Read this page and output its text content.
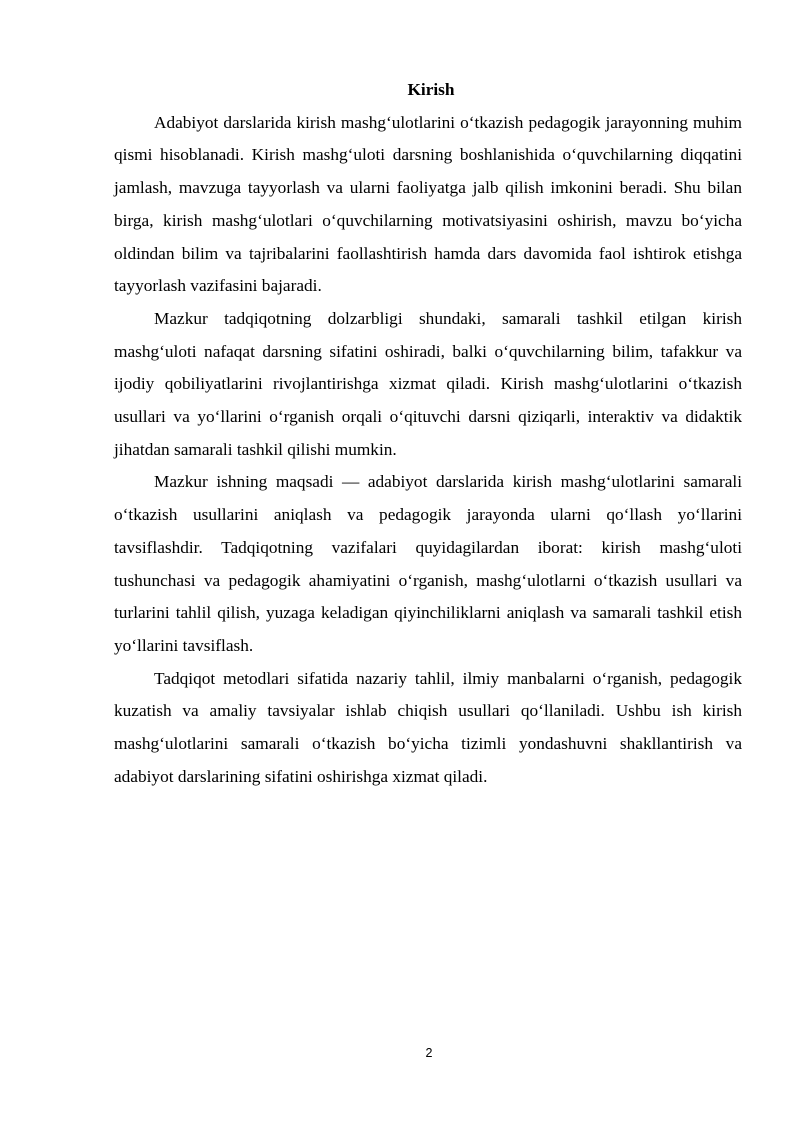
Kirish

Adabiyot darslarida kirish mashg‘ulotlarini o‘tkazish pedagogik jarayonning muhim qismi hisoblanadi. Kirish mashg‘uloti darsning boshlanishida o‘quvchilarning diqqatini jamlash, mavzuga tayyorlash va ularni faoliyatga jalb qilish imkonini beradi. Shu bilan birga, kirish mashg‘ulotlari o‘quvchilarning motivatsiyasini oshirish, mavzu bo‘yicha oldindan bilim va tajribalarini faollashtirish hamda dars davomida faol ishtirok etishga tayyorlash vazifasini bajaradi.

Mazkur tadqiqotning dolzarbligi shundaki, samarali tashkil etilgan kirish mashg‘uloti nafaqat darsning sifatini oshiradi, balki o‘quvchilarning bilim, tafakkur va ijodiy qobiliyatlarini rivojlantirishga xizmat qiladi. Kirish mashg‘ulotlarini o‘tkazish usullari va yo‘llarini o‘rganish orqali o‘qituvchi darsni qiziqarli, interaktiv va didaktik jihatdan samarali tashkil qilishi mumkin.

Mazkur ishning maqsadi — adabiyot darslarida kirish mashg‘ulotlarini samarali o‘tkazish usullarini aniqlash va pedagogik jarayonda ularni qo‘llash yo‘llarini tavsiflashdir. Tadqiqotning vazifalari quyidagilardan iborat: kirish mashg‘uloti tushunchasi va pedagogik ahamiyatini o‘rganish, mashg‘ulotlarni o‘tkazish usullari va turlarini tahlil qilish, yuzaga keladigan qiyinchiliklarni aniqlash va samarali tashkil etish yo‘llarini tavsiflash.

Tadqiqot metodlari sifatida nazariy tahlil, ilmiy manbalarni o‘rganish, pedagogik kuzatish va amaliy tavsiyalar ishlab chiqish usullari qo‘llaniladi. Ushbu ish kirish mashg‘ulotlarini samarali o‘tkazish bo‘yicha tizimli yondashuvni shakllantirish va adabiyot darslarining sifatini oshirishga xizmat qiladi.

2
